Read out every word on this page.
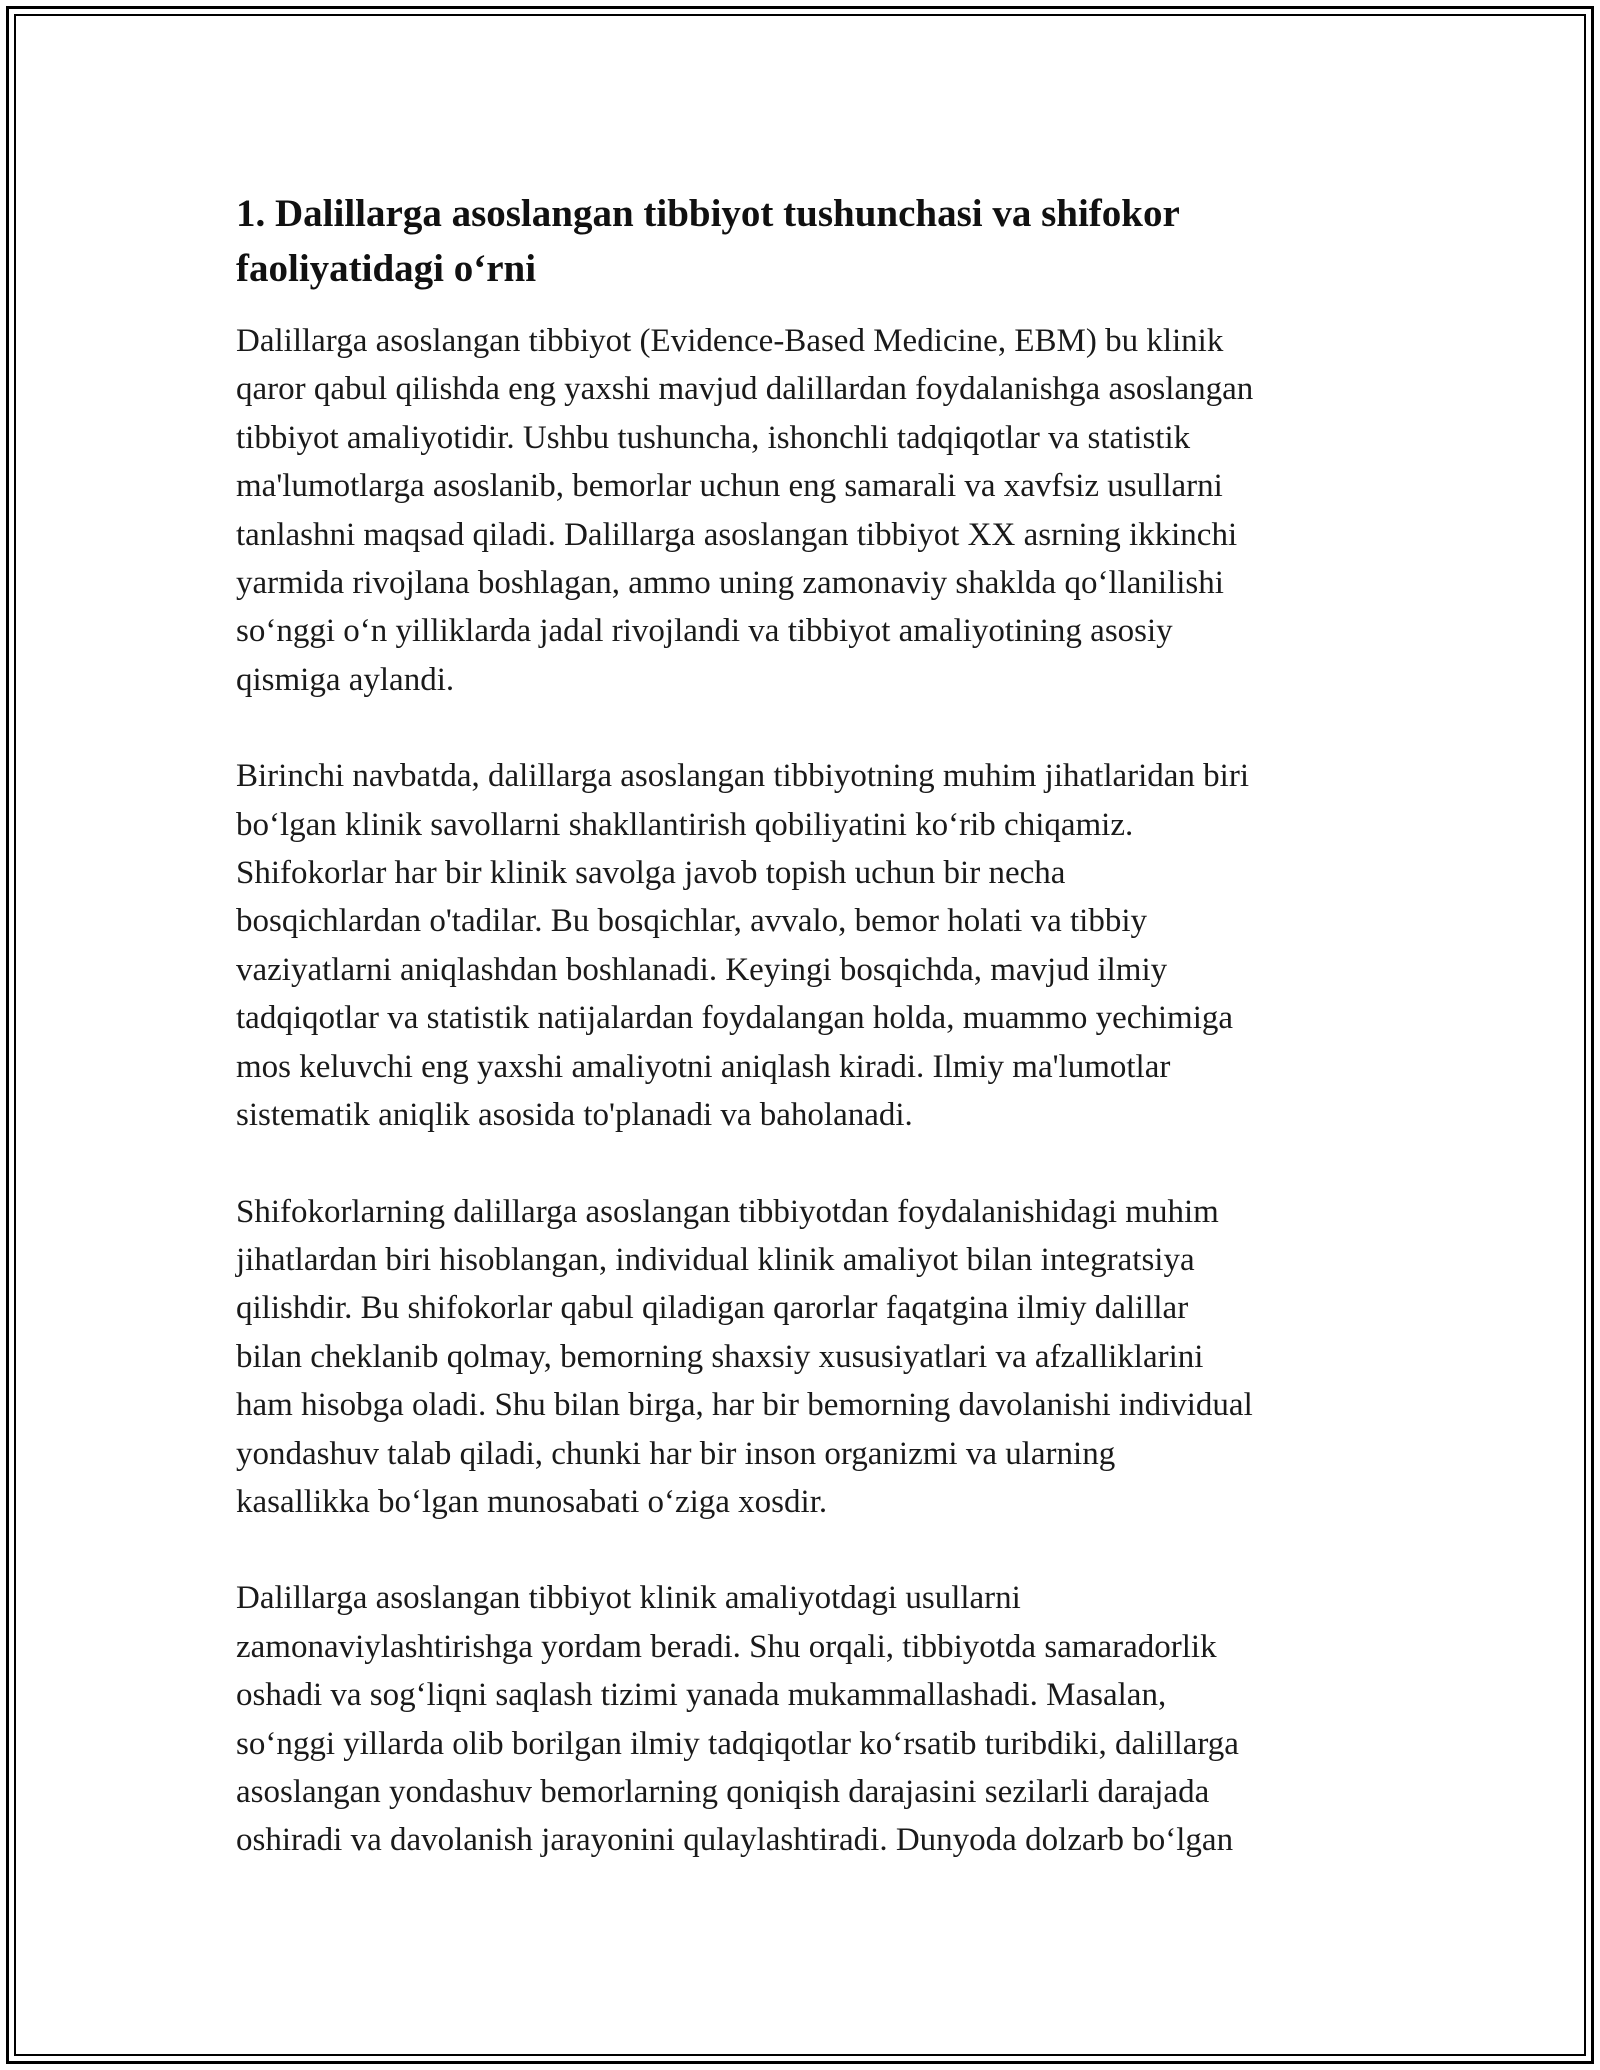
1. Dalillarga asoslangan tibbiyot tushunchasi va shifokor faoliyatidagi o‘rni
Dalillarga asoslangan tibbiyot (Evidence-Based Medicine, EBM) bu klinik
qaror qabul qilishda eng yaxshi mavjud dalillardan foydalanishga asoslangan
tibbiyot amaliyotidir. Ushbu tushuncha, ishonchli tadqiqotlar va statistik
ma'lumotlarga asoslanib, bemorlar uchun eng samarali va xavfsiz usullarni
tanlashni maqsad qiladi. Dalillarga asoslangan tibbiyot XX asrning ikkinchi
yarmida rivojlana boshlagan, ammo uning zamonaviy shaklda qo‘llanilishi
so‘nggi o‘n yilliklarda jadal rivojlandi va tibbiyot amaliyotining asosiy
qismiga aylandi.
Birinchi navbatda, dalillarga asoslangan tibbiyotning muhim jihatlaridan biri
bo‘lgan klinik savollarni shakllantirish qobiliyatini ko‘rib chiqamiz.
Shifokorlar har bir klinik savolga javob topish uchun bir necha
bosqichlardan o'tadilar. Bu bosqichlar, avvalo, bemor holati va tibbiy
vaziyatlarni aniqlashdan boshlanadi. Keyingi bosqichda, mavjud ilmiy
tadqiqotlar va statistik natijalardan foydalangan holda, muammo yechimiga
mos keluvchi eng yaxshi amaliyotni aniqlash kiradi. Ilmiy ma'lumotlar
sistematik aniqlik asosida to'planadi va baholanadi.
Shifokorlarning dalillarga asoslangan tibbiyotdan foydalanishidagi muhim
jihatlardan biri hisoblangan, individual klinik amaliyot bilan integratsiya
qilishdir. Bu shifokorlar qabul qiladigan qarorlar faqatgina ilmiy dalillar
bilan cheklanib qolmay, bemorning shaxsiy xususiyatlari va afzalliklarini
ham hisobga oladi. Shu bilan birga, har bir bemorning davolanishi individual
yondashuv talab qiladi, chunki har bir inson organizmi va ularning
kasallikka bo‘lgan munosabati o‘ziga xosdir.
Dalillarga asoslangan tibbiyot klinik amaliyotdagi usullarni
zamonaviylashtirishga yordam beradi. Shu orqali, tibbiyotda samaradorlik
oshadi va sog‘liqni saqlash tizimi yanada mukammallashadi. Masalan,
so‘nggi yillarda olib borilgan ilmiy tadqiqotlar ko‘rsatib turibdiki, dalillarga
asoslangan yondashuv bemorlarning qoniqish darajasini sezilarli darajada
oshiradi va davolanish jarayonini qulaylashtiradi. Dunyoda dolzarb bo‘lgan
